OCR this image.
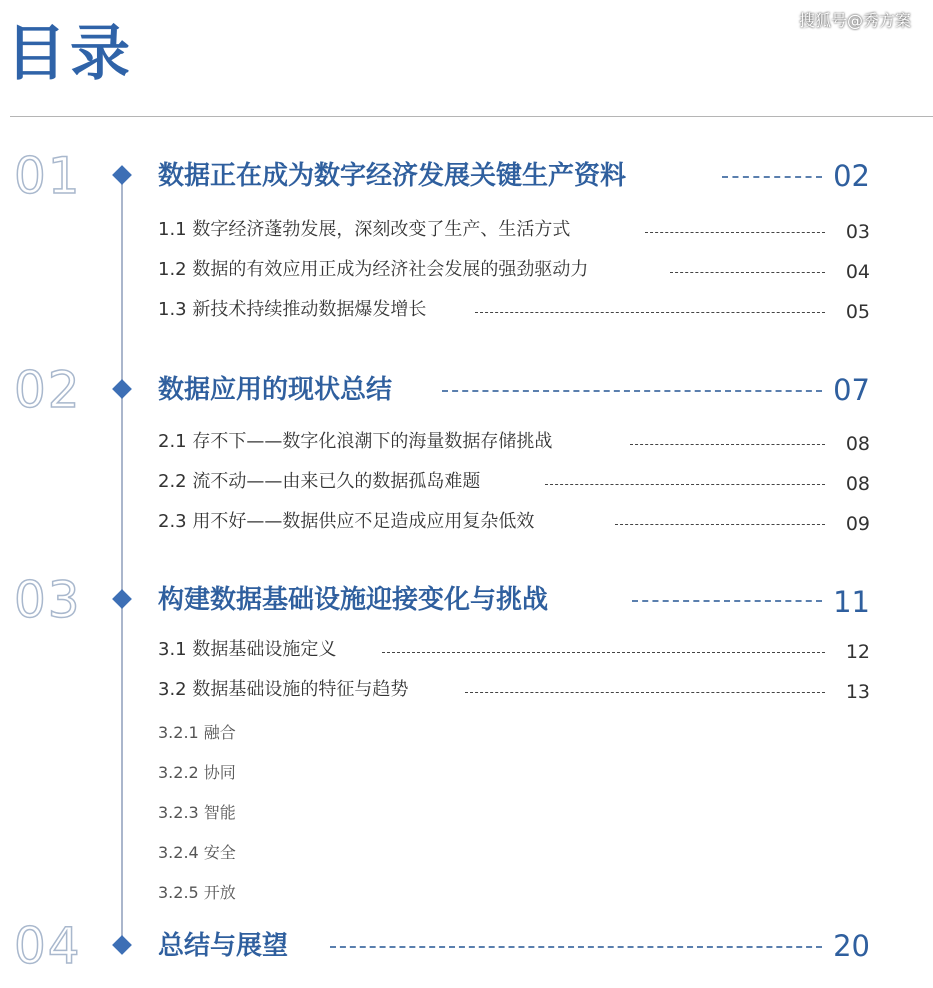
目录	搜狐号@秀方案
01	数据正在成为数字经济发展关键生产资料	02
1.1 数字经济蓬勃发展，深刻改变了生产、生活方式	03
1.2 数据的有效应用正成为经济社会发展的强劲驱动力	04
1.3 新技术持续推动数据爆发增长	05
02	数据应用的现状总结	07
2.1 存不下——数字化浪潮下的海量数据存储挑战	08
2.2 流不动——由来已久的数据孤岛难题	08
2.3 用不好——数据供应不足造成应用复杂低效	09
03	构建数据基础设施迎接变化与挑战	11
3.1 数据基础设施定义	12
3.2 数据基础设施的特征与趋势	13
3.2.1 融合
3.2.2 协同
3.2.3 智能
3.2.4 安全
3.2.5 开放
04	总结与展望	20
